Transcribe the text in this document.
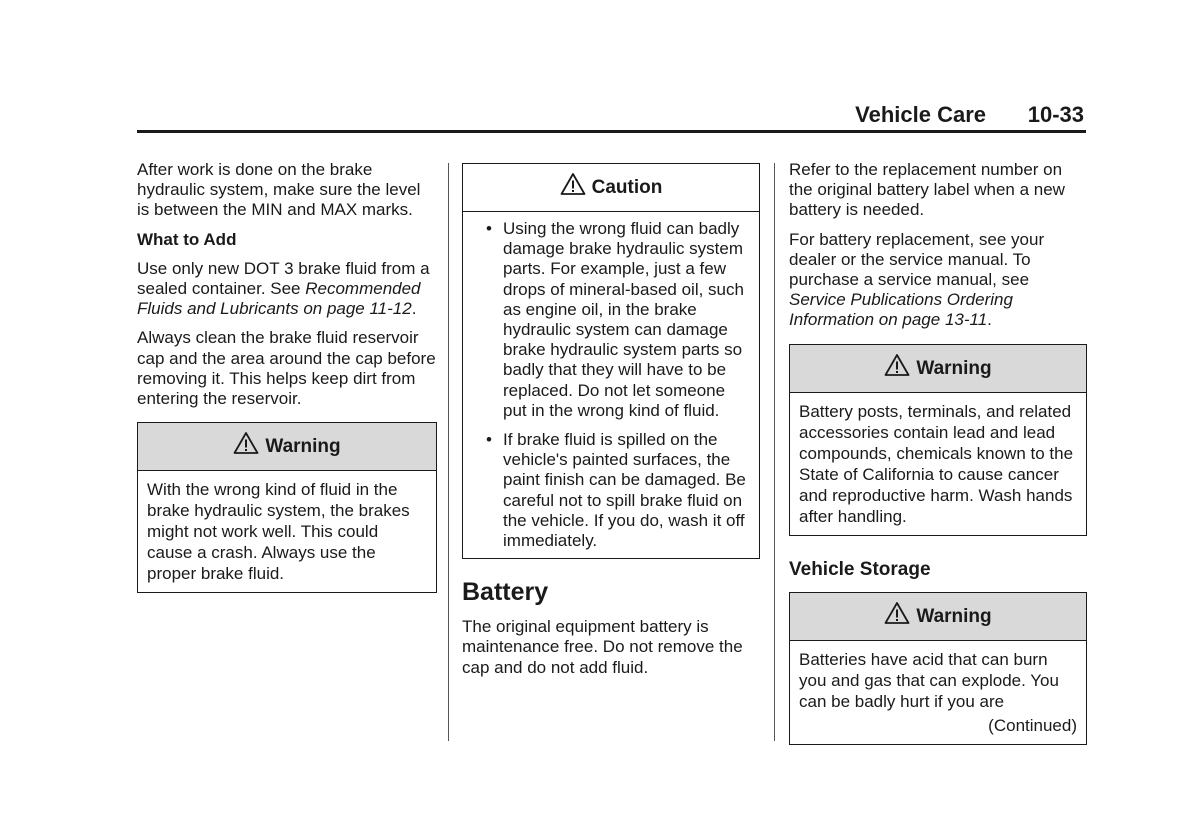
Vehicle Care 10-33

After work is done on the brake hydraulic system, make sure the level is between the MIN and MAX marks.

What to Add

Use only new DOT 3 brake fluid from a sealed container. See Recommended Fluids and Lubricants on page 11-12.

Always clean the brake fluid reservoir cap and the area around the cap before removing it. This helps keep dirt from entering the reservoir.

Warning
With the wrong kind of fluid in the brake hydraulic system, the brakes might not work well. This could cause a crash. Always use the proper brake fluid.
Caution
• Using the wrong fluid can badly damage brake hydraulic system parts. For example, just a few drops of mineral-based oil, such as engine oil, in the brake hydraulic system can damage brake hydraulic system parts so badly that they will have to be replaced. Do not let someone put in the wrong kind of fluid.
• If brake fluid is spilled on the vehicle's painted surfaces, the paint finish can be damaged. Be careful not to spill brake fluid on the vehicle. If you do, wash it off immediately.
Battery

The original equipment battery is maintenance free. Do not remove the cap and do not add fluid.

Refer to the replacement number on the original battery label when a new battery is needed.

For battery replacement, see your dealer or the service manual. To purchase a service manual, see Service Publications Ordering Information on page 13-11.

Warning
Battery posts, terminals, and related accessories contain lead and lead compounds, chemicals known to the State of California to cause cancer and reproductive harm. Wash hands after handling.
Vehicle Storage
Warning
Batteries have acid that can burn you and gas that can explode. You can be badly hurt if you are
(Continued)
